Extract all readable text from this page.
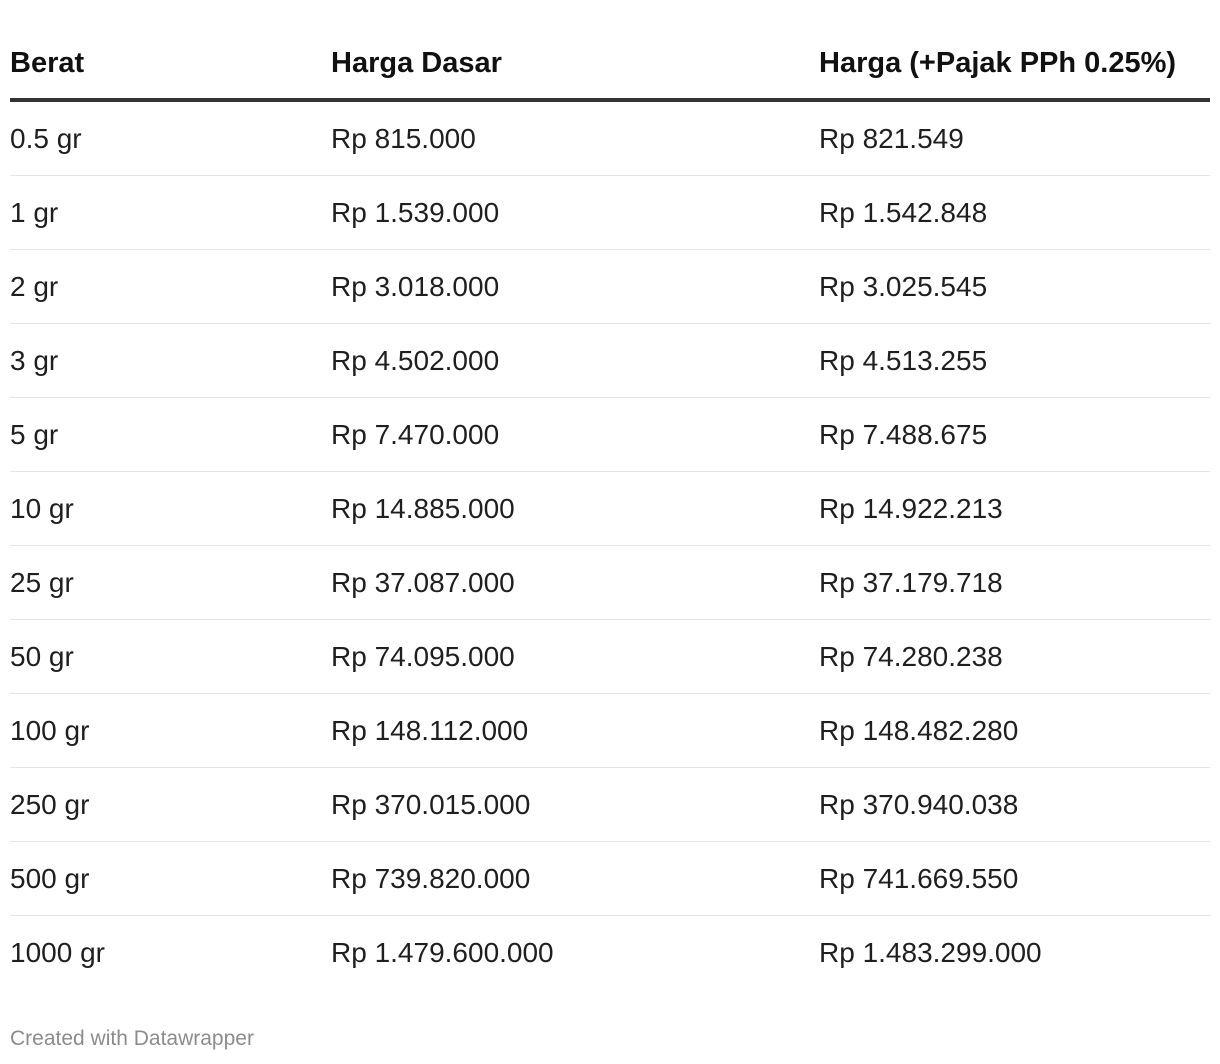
Berat	Harga Dasar	Harga (+Pajak PPh 0.25%)
0.5 gr	Rp 815.000	Rp 821.549
1 gr	Rp 1.539.000	Rp 1.542.848
2 gr	Rp 3.018.000	Rp 3.025.545
3 gr	Rp 4.502.000	Rp 4.513.255
5 gr	Rp 7.470.000	Rp 7.488.675
10 gr	Rp 14.885.000	Rp 14.922.213
25 gr	Rp 37.087.000	Rp 37.179.718
50 gr	Rp 74.095.000	Rp 74.280.238
100 gr	Rp 148.112.000	Rp 148.482.280
250 gr	Rp 370.015.000	Rp 370.940.038
500 gr	Rp 739.820.000	Rp 741.669.550
1000 gr	Rp 1.479.600.000	Rp 1.483.299.000
Created with Datawrapper
